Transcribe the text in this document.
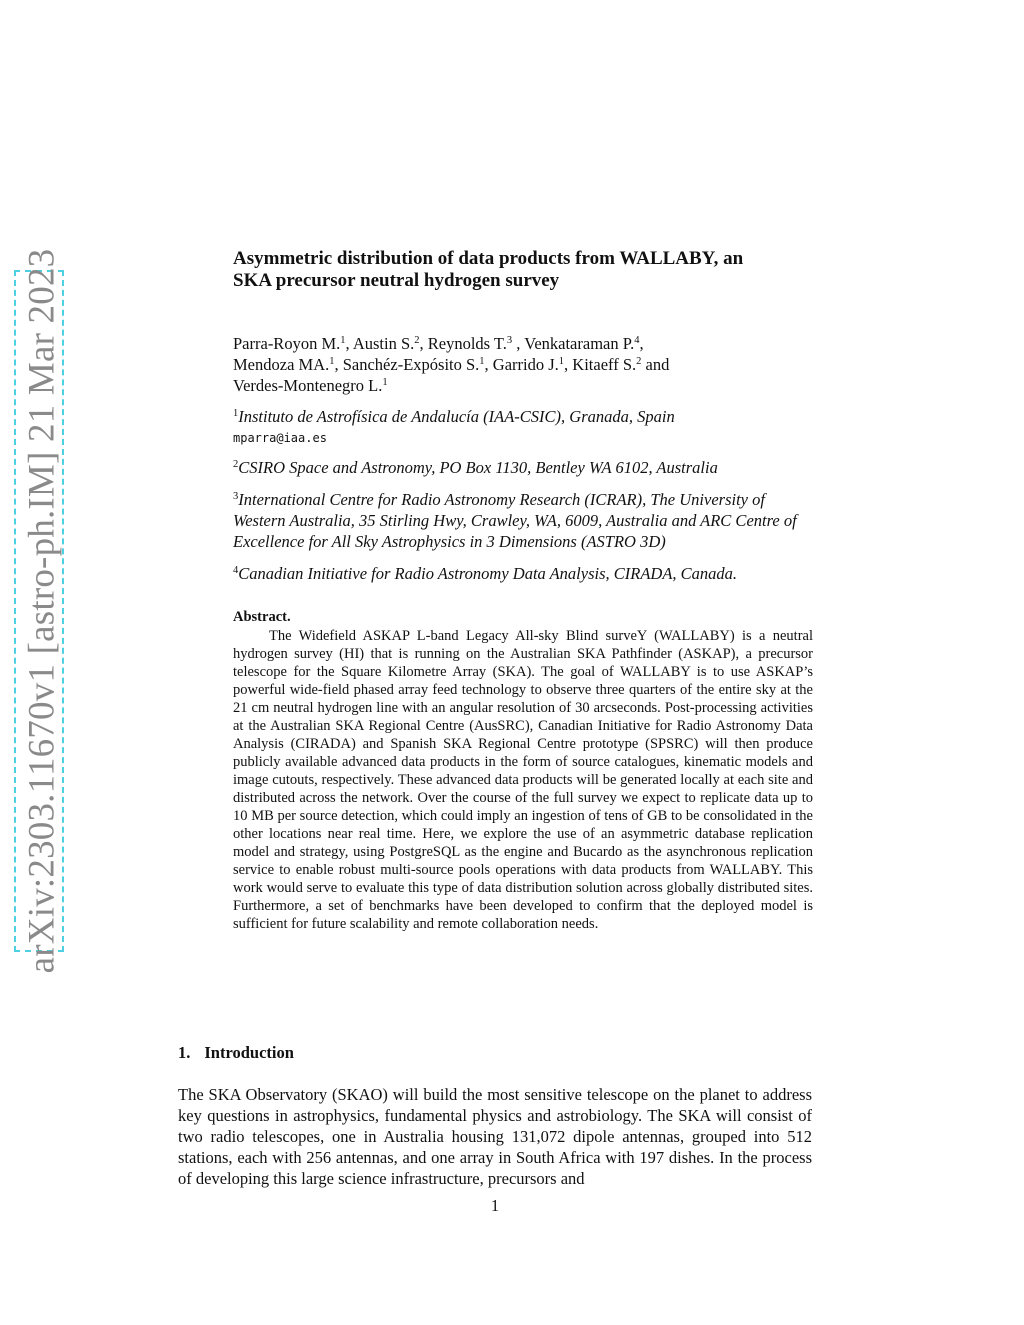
arXiv:2303.11670v1 [astro-ph.IM] 21 Mar 2023	Asymmetric distribution of data products from WALLABY, an
SKA precursor neutral hydrogen survey
Parra-Royon M.$^1$, Austin S.$^2$, Reynolds T.$^3$ , Venkataraman P.$^4$,
Mendoza MA.$^1$, Sanchéz-Expósito S.$^1$, Garrido J.$^1$, Kitaeff S.$^2$ and
Verdes-Montenegro L.$^1$
$^1$Instituto de Astrofísica de Andalucía (IAA-CSIC), Granada, Spain
mparra@iaa.es
$^2$CSIRO Space and Astronomy, PO Box 1130, Bentley WA 6102, Australia
$^3$International Centre for Radio Astronomy Research (ICRAR), The University of Western Australia, 35 Stirling Hwy, Crawley, WA, 6009, Australia and ARC Centre of Excellence for All Sky Astrophysics in 3 Dimensions (ASTRO 3D)
$^4$Canadian Initiative for Radio Astronomy Data Analysis, CIRADA, Canada.
Abstract.

The Widefield ASKAP L-band Legacy All-sky Blind surveY (WALLABY) is a neutral hydrogen survey (HI) that is running on the Australian SKA Pathfinder (ASKAP), a precursor telescope for the Square Kilometre Array (SKA). The goal of WALLABY is to use ASKAP’s powerful wide-field phased array feed technology to observe three quarters of the entire sky at the 21 cm neutral hydrogen line with an angular resolution of 30 arcseconds. Post-processing activities at the Australian SKA Regional Centre (AusSRC), Canadian Initiative for Radio Astronomy Data Analysis (CIRADA) and Spanish SKA Regional Centre prototype (SPSRC) will then produce publicly available advanced data products in the form of source catalogues, kinematic models and image cutouts, respectively. These advanced data products will be generated locally at each site and distributed across the network. Over the course of the full survey we expect to replicate data up to 10 MB per source detection, which could imply an ingestion of tens of GB to be consolidated in the other locations near real time. Here, we explore the use of an asymmetric database replication model and strategy, using PostgreSQL as the engine and Bucardo as the asynchronous replication service to enable robust multi-source pools operations with data products from WALLABY. This work would serve to evaluate this type of data distribution solution across globally distributed sites. Furthermore, a set of benchmarks have been developed to confirm that the deployed model is sufficient for future scalability and remote collaboration needs.

1. Introduction

The SKA Observatory (SKAO) will build the most sensitive telescope on the planet to address key questions in astrophysics, fundamental physics and astrobiology. The SKA will consist of two radio telescopes, one in Australia housing 131,072 dipole antennas, grouped into 512 stations, each with 256 antennas, and one array in South Africa with 197 dishes. In the process of developing this large science infrastructure, precursors and

1
